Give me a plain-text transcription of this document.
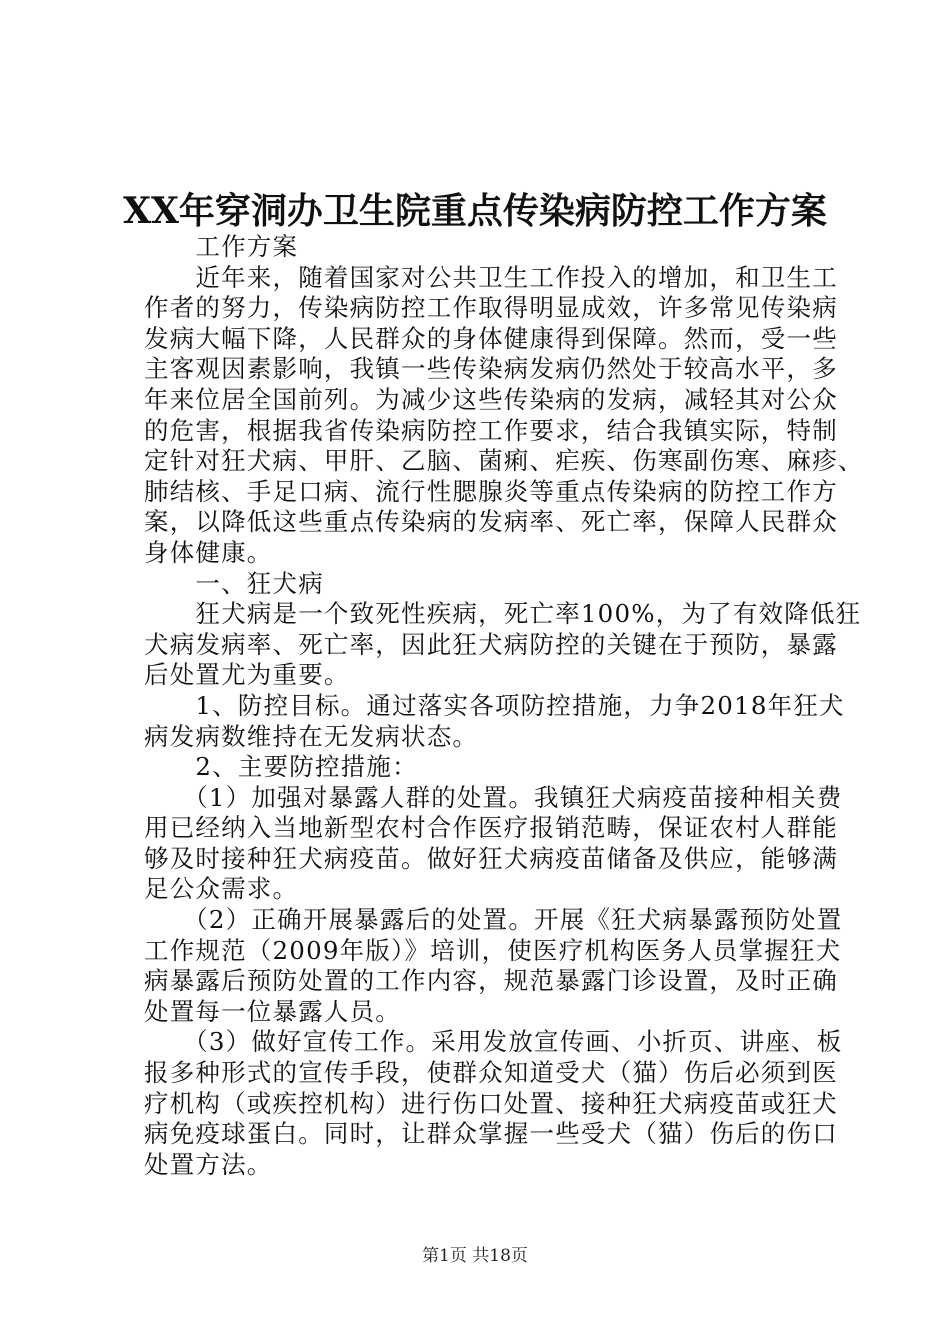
XX年穿洞办卫生院重点传染病防控工作方案
　　工作方案
　　近年来，随着国家对公共卫生工作投入的增加，和卫生工
作者的努力，传染病防控工作取得明显成效，许多常见传染病
发病大幅下降，人民群众的身体健康得到保障。然而，受一些
主客观因素影响，我镇一些传染病发病仍然处于较高水平，多
年来位居全国前列。为减少这些传染病的发病，减轻其对公众
的危害，根据我省传染病防控工作要求，结合我镇实际，特制
定针对狂犬病、甲肝、乙脑、菌痢、疟疾、伤寒副伤寒、麻疹、
肺结核、手足口病、流行性腮腺炎等重点传染病的防控工作方
案，以降低这些重点传染病的发病率、死亡率，保障人民群众
身体健康。
　　一、狂犬病
　　狂犬病是一个致死性疾病，死亡率100%，为了有效降低狂
犬病发病率、死亡率，因此狂犬病防控的关键在于预防，暴露
后处置尤为重要。
　　1、防控目标。通过落实各项防控措施，力争2018年狂犬
病发病数维持在无发病状态。
　　2、主要防控措施：
　　（1）加强对暴露人群的处置。我镇狂犬病疫苗接种相关费
用已经纳入当地新型农村合作医疗报销范畴，保证农村人群能
够及时接种狂犬病疫苗。做好狂犬病疫苗储备及供应，能够满
足公众需求。
　　（2）正确开展暴露后的处置。开展《狂犬病暴露预防处置
工作规范（2009年版）》培训，使医疗机构医务人员掌握狂犬
病暴露后预防处置的工作内容，规范暴露门诊设置，及时正确
处置每一位暴露人员。
　　（3）做好宣传工作。采用发放宣传画、小折页、讲座、板
报多种形式的宣传手段，使群众知道受犬（猫）伤后必须到医
疗机构（或疾控机构）进行伤口处置、接种狂犬病疫苗或狂犬
病免疫球蛋白。同时，让群众掌握一些受犬（猫）伤后的伤口
处置方法。
第1页 共18页
